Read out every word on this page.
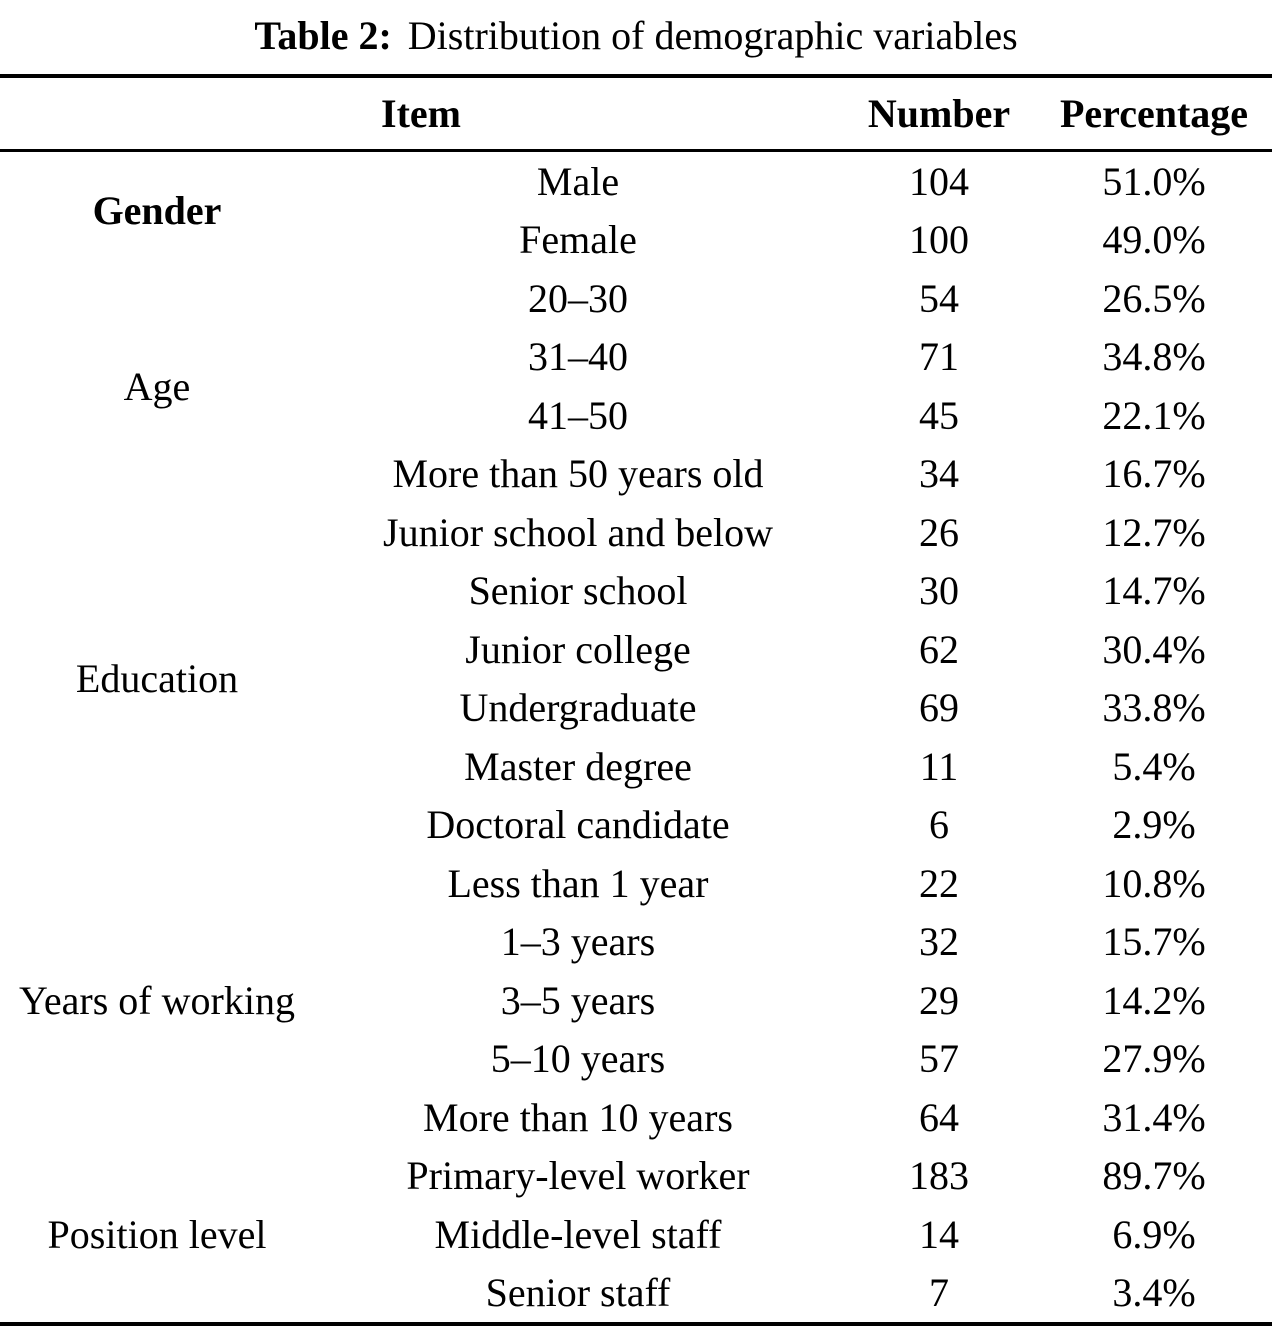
Table 2: Distribution of demographic variables
Item		Number	Percentage
Gender	Male	104	51.0%
	Female	100	49.0%
Age	20–30	54	26.5%
	31–40	71	34.8%
	41–50	45	22.1%
	More than 50 years old	34	16.7%
Education	Junior school and below	26	12.7%
	Senior school	30	14.7%
	Junior college	62	30.4%
	Undergraduate	69	33.8%
	Master degree	11	5.4%
	Doctoral candidate	6	2.9%
Years of working	Less than 1 year	22	10.8%
	1–3 years	32	15.7%
	3–5 years	29	14.2%
	5–10 years	57	27.9%
	More than 10 years	64	31.4%
Position level	Primary-level worker	183	89.7%
	Middle-level staff	14	6.9%
	Senior staff	7	3.4%
